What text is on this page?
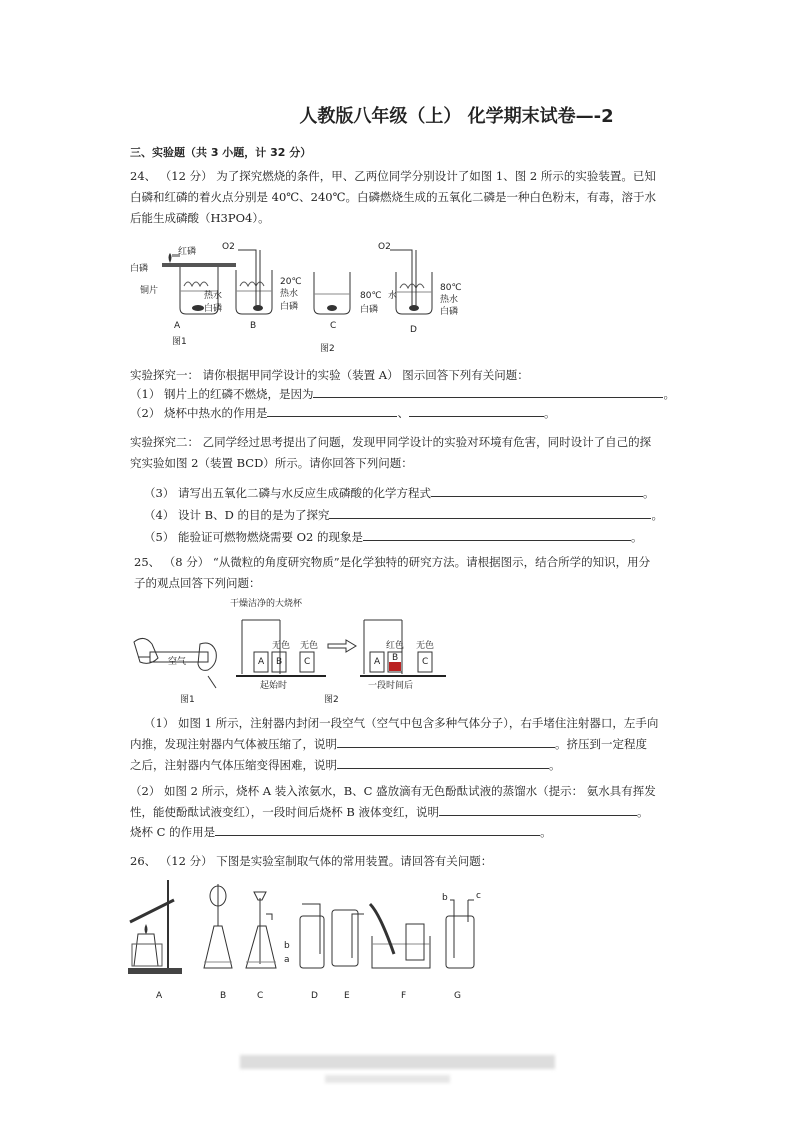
人教版八年级（上） 化学期末试卷—-2
三、实验题（共 3 小题，计 32 分）
24、 （12 分） 为了探究燃烧的条件，甲、乙两位同学分别设计了如图 1、图 2 所示的实验装置。已知白磷和红磷的着火点分别是 40℃、240℃。白磷燃烧生成的五氧化二磷是一种白色粉末，有毒，溶于水后能生成磷酸（H3PO4）。
红磷
白磷
铜片	热水
白磷
A
图1
O2
20℃
热水
白磷
B
80℃ 水
白磷
C
图2
O2
80℃
热水
白磷
D
实验探究一： 请你根据甲同学设计的实验（装置 A） 图示回答下列有关问题：
（1） 钢片上的红磷不燃烧，是因为	。
（2） 烧杯中热水的作用是	、	。
实验探究二： 乙同学经过思考提出了问题，发现甲同学设计的实验对环境有危害，同时设计了自己的探究实验如图 2（装置 BCD）所示。请你回答下列问题：
（3） 请写出五氧化二磷与水反应生成磷酸的化学方程式	。
（4） 设计 B、D 的目的是为了探究	。
（5） 能验证可燃物燃烧需要 O2 的现象是	。
25、 （8 分） “从微粒的角度研究物质”是化学独特的研究方法。请根据图示，结合所学的知识，用分子的观点回答下列问题：
空气
图1
干燥洁净的大烧杯
A B C
无色 无色
起始时
图2
A B	C
红色 无色
一段时间后
（1） 如图 1 所示，注射器内封闭一段空气（空气中包含多种气体分子），右手堵住注射器口，左手向
内推，发现注射器内气体被压缩了，说明	。挤压到一定程度
之后，注射器内气体压缩变得困难，说明	。
（2） 如图 2 所示，烧杯 A 装入浓氨水，B、C 盛放滴有无色酚酞试液的蒸馏水（提示： 氨水具有挥发
性，能使酚酞试液变红），一段时间后烧杯 B 液体变红，说明	。
烧杯 C 的作用是	。
26、 （12 分） 下图是实验室制取气体的常用装置。请回答有关问题：
b
a
b	c
A	B	C	D	E	F	G
